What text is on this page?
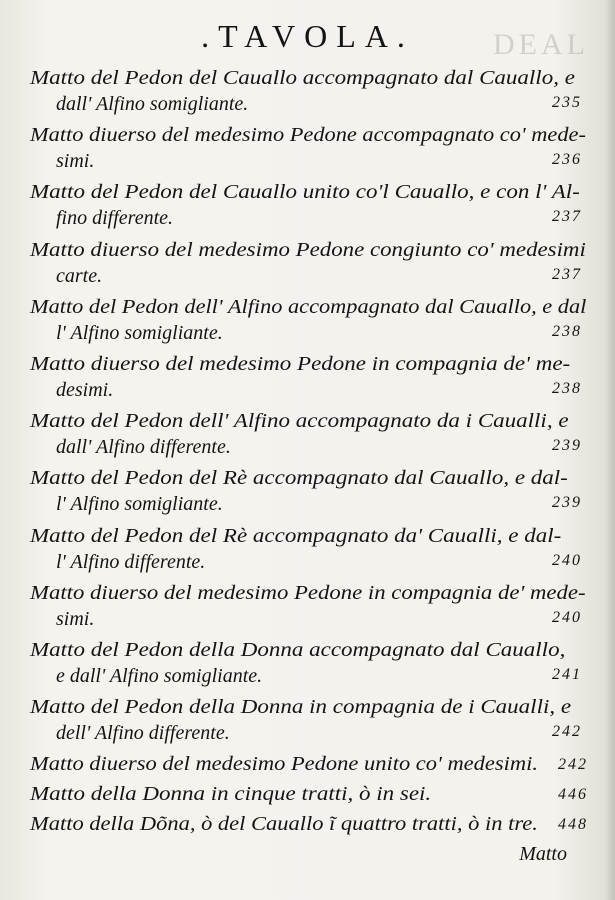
DEAL
.TAVOLA.
Matto del Pedon del Cauallo accompagnato dal Cauallo, e
dall' Alfino somigliante.	235
Matto diuerso del medesimo Pedone accompagnato co' mede-
simi.	236
Matto del Pedon del Cauallo unito co'l Cauallo, e con l' Al-
fino differente.	237
Matto diuerso del medesimo Pedone congiunto co' medesimi
carte.	237
Matto del Pedon dell' Alfino accompagnato dal Cauallo, e dal
l' Alfino somigliante.	238
Matto diuerso del medesimo Pedone in compagnia de' me-
desimi.	238
Matto del Pedon dell' Alfino accompagnato da i Caualli, e
dall' Alfino differente.	239
Matto del Pedon del Rè accompagnato dal Cauallo, e dal-
l' Alfino somigliante.	239
Matto del Pedon del Rè accompagnato da' Caualli, e dal-
l' Alfino differente.	240
Matto diuerso del medesimo Pedone in compagnia de' mede-
simi.	240
Matto del Pedon della Donna accompagnato dal Cauallo,
e dall' Alfino somigliante.	241
Matto del Pedon della Donna in compagnia de i Caualli, e
dell' Alfino differente.	242
Matto diuerso del medesimo Pedone unito co' medesimi. 242
Matto della Donna in cinque tratti, ò in sei.	446
Matto della Dõna, ò del Cauallo ĩ quattro tratti, ò in tre. 448
Matto
